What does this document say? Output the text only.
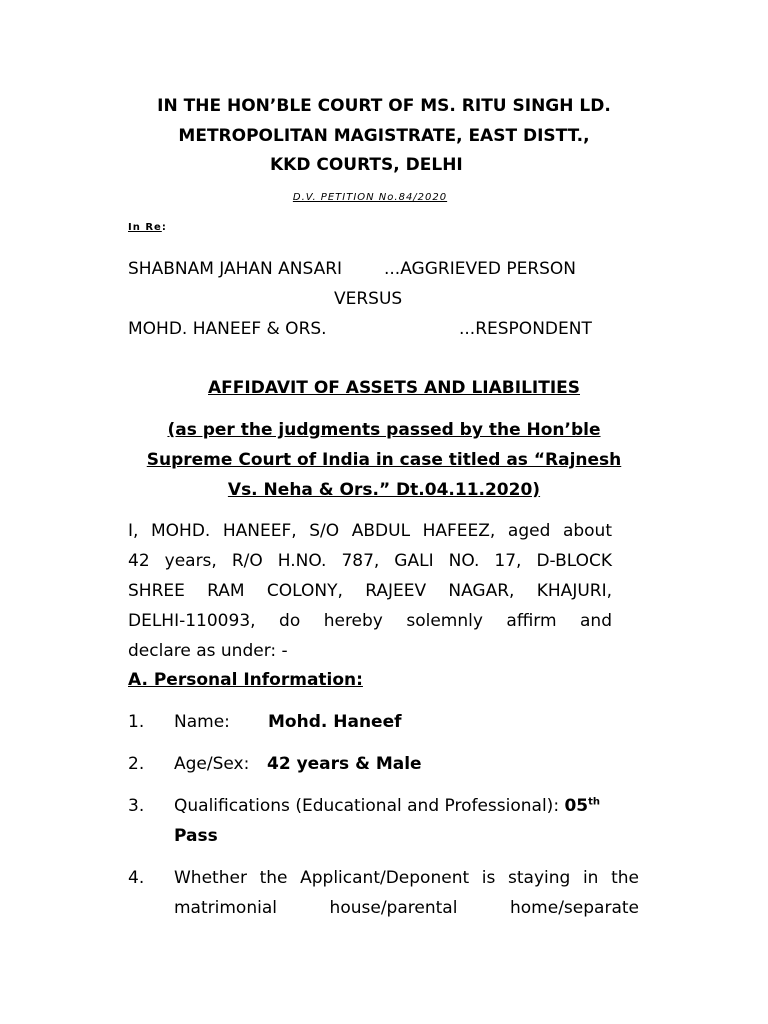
IN THE HON’BLE COURT OF MS. RITU SINGH LD.
METROPOLITAN MAGISTRATE, EAST DISTT.,
KKD COURTS, DELHI
D.V. PETITION No.84/2020
In Re:
SHABNAM JAHAN ANSARI ...AGGRIEVED PERSON
VERSUS
MOHD. HANEEF & ORS.	...RESPONDENT
AFFIDAVIT OF ASSETS AND LIABILITIES
(as per the judgments passed by the Hon’ble
Supreme Court of India in case titled as “Rajnesh
Vs. Neha & Ors.” Dt.04.11.2020)
I, MOHD. HANEEF, S/O ABDUL HAFEEZ, aged about
42 years, R/O H.NO. 787, GALI NO. 17, D-BLOCK
SHREE RAM COLONY, RAJEEV NAGAR, KHAJURI,
DELHI-110093, do hereby solemnly affirm and
declare as under: -
A. Personal Information:
1. Name: Mohd. Haneef
2. Age/Sex: 42 years & Male
3. Qualifications (Educational and Professional): 05th
Pass
4. Whether the Applicant/Deponent is staying in the
matrimonial house/parental home/separate
